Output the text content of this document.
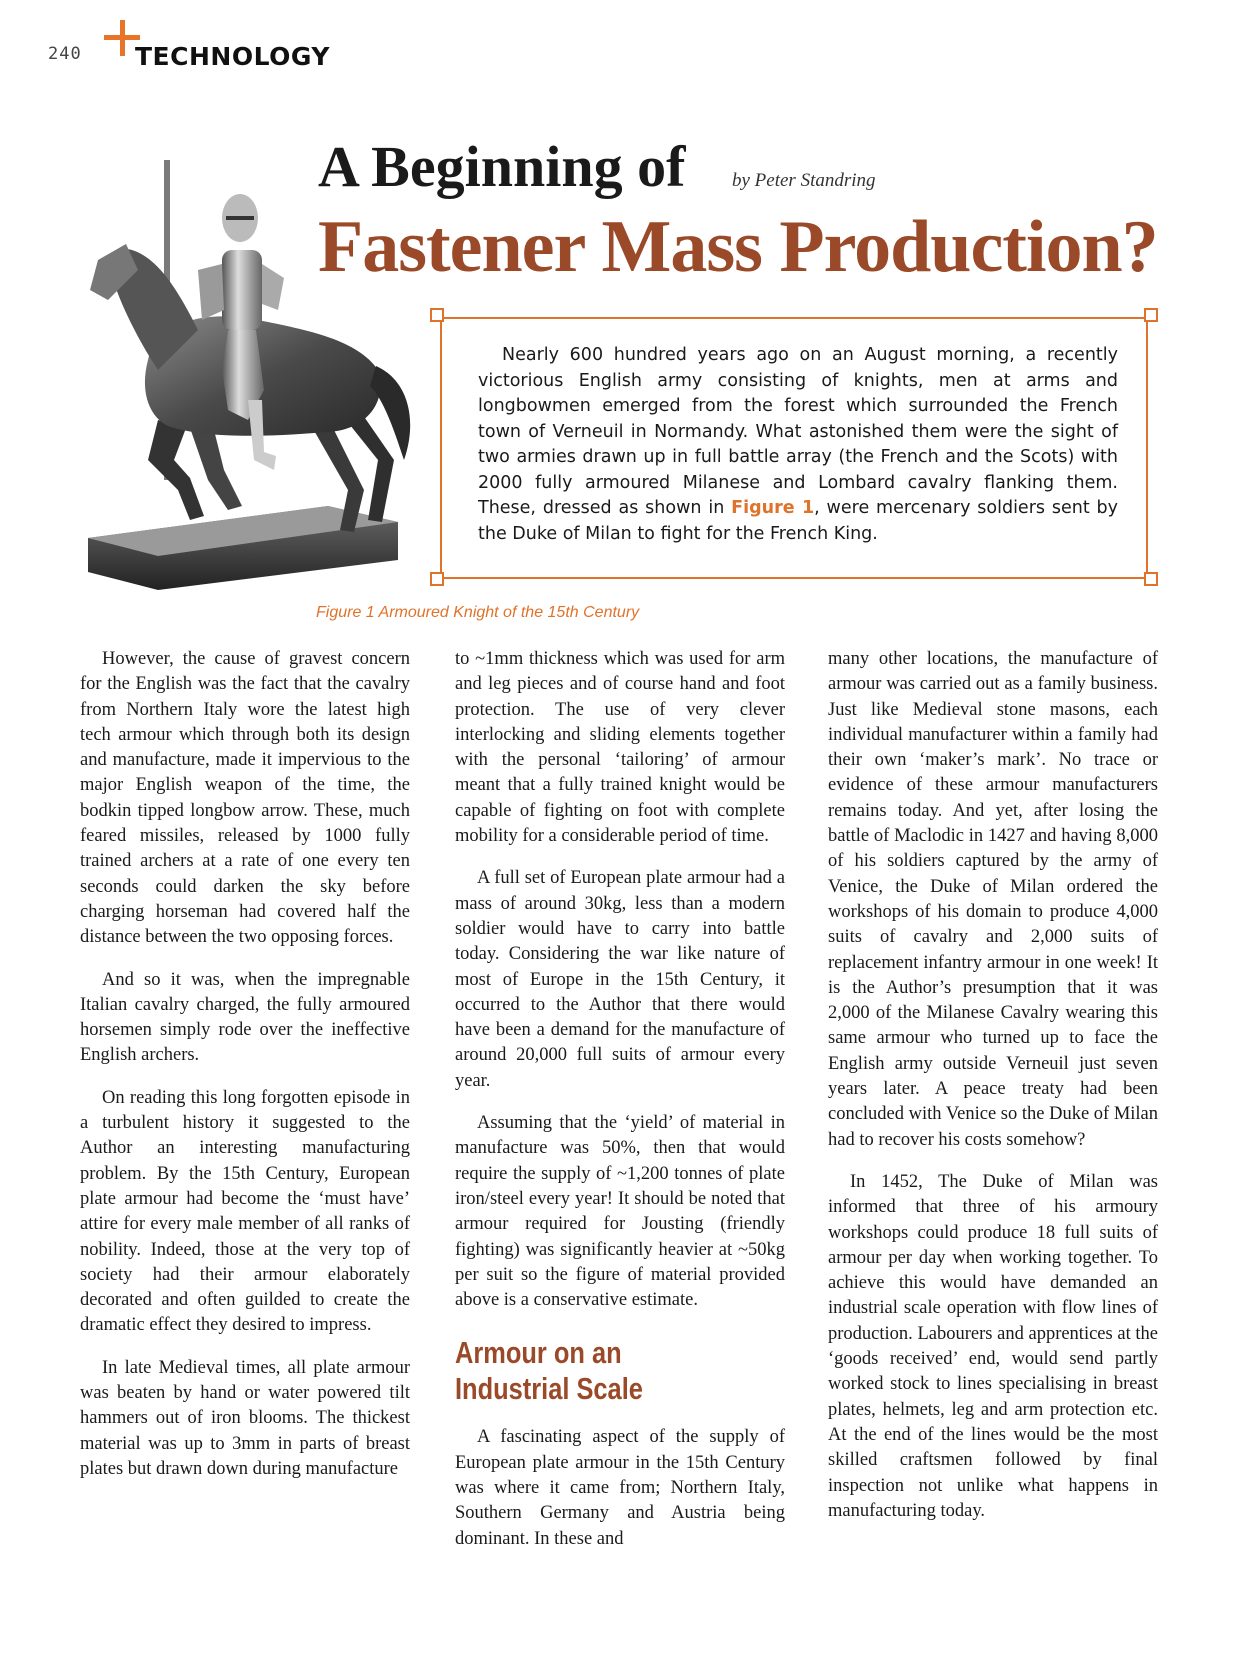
240 TECHNOLOGY
A Beginning of by Peter Standring
Fastener Mass Production?
Figure 1 Armoured Knight of the 15th Century

Nearly 600 hundred years ago on an August morning, a recently victorious English army consisting of knights, men at arms and longbowmen emerged from the forest which surrounded the French town of Verneuil in Normandy. What astonished them were the sight of two armies drawn up in full battle array (the French and the Scots) with 2000 fully armoured Milanese and Lombard cavalry flanking them. These, dressed as shown in Figure 1, were mercenary soldiers sent by the Duke of Milan to fight for the French King.

However, the cause of gravest concern for the English was the fact that the cavalry from Northern Italy wore the latest high tech armour which through both its design and manufacture, made it impervious to the major English weapon of the time, the bodkin tipped longbow arrow. These, much feared missiles, released by 1000 fully trained archers at a rate of one every ten seconds could darken the sky before charging horseman had covered half the distance between the two opposing forces.

And so it was, when the impregnable Italian cavalry charged, the fully armoured horsemen simply rode over the ineffective English archers.

On reading this long forgotten episode in a turbulent history it suggested to the Author an interesting manufacturing problem. By the 15th Century, European plate armour had become the ‘must have’ attire for every male member of all ranks of nobility. Indeed, those at the very top of society had their armour elaborately decorated and often guilded to create the dramatic effect they desired to impress.

In late Medieval times, all plate armour was beaten by hand or water powered tilt hammers out of iron blooms. The thickest material was up to 3mm in parts of breast plates but drawn down during manufacture

to ~1mm thickness which was used for arm and leg pieces and of course hand and foot protection. The use of very clever interlocking and sliding elements together with the personal ‘tailoring’ of armour meant that a fully trained knight would be capable of fighting on foot with complete mobility for a considerable period of time.

A full set of European plate armour had a mass of around 30kg, less than a modern soldier would have to carry into battle today. Considering the war like nature of most of Europe in the 15th Century, it occurred to the Author that there would have been a demand for the manufacture of around 20,000 full suits of armour every year.

Assuming that the ‘yield’ of material in manufacture was 50%, then that would require the supply of ~1,200 tonnes of plate iron/steel every year! It should be noted that armour required for Jousting (friendly fighting) was significantly heavier at ~50kg per suit so the figure of material provided above is a conservative estimate.

Armour on an
Industrial Scale

A fascinating aspect of the supply of European plate armour in the 15th Century was where it came from; Northern Italy, Southern Germany and Austria being dominant. In these and

many other locations, the manufacture of armour was carried out as a family business. Just like Medieval stone masons, each individual manufacturer within a family had their own ‘maker’s mark’. No trace or evidence of these armour manufacturers remains today. And yet, after losing the battle of Maclodic in 1427 and having 8,000 of his soldiers captured by the army of Venice, the Duke of Milan ordered the workshops of his domain to produce 4,000 suits of cavalry and 2,000 suits of replacement infantry armour in one week! It is the Author’s presumption that it was 2,000 of the Milanese Cavalry wearing this same armour who turned up to face the English army outside Verneuil just seven years later. A peace treaty had been concluded with Venice so the Duke of Milan had to recover his costs somehow?

In 1452, The Duke of Milan was informed that three of his armoury workshops could produce 18 full suits of armour per day when working together. To achieve this would have demanded an industrial scale operation with flow lines of production. Labourers and apprentices at the ‘goods received’ end, would send partly worked stock to lines specialising in breast plates, helmets, leg and arm protection etc. At the end of the lines would be the most skilled craftsmen followed by final inspection not unlike what happens in manufacturing today.
